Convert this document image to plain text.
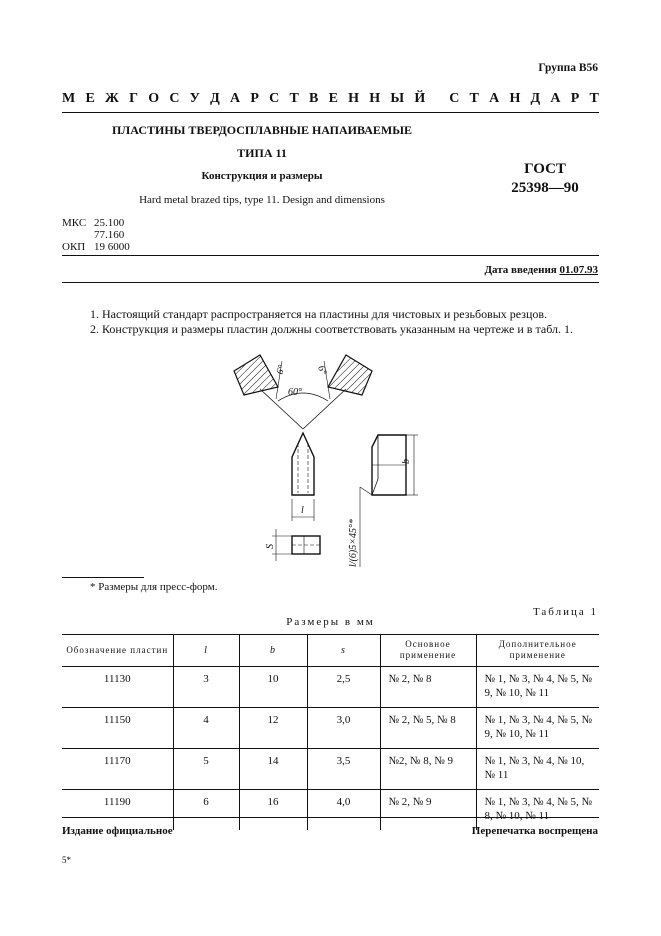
Группа В56
М Е Ж Г О С У Д А Р С Т В Е Н Н Ы Й
С Т А Н Д А Р Т
ПЛАСТИНЫ ТВЕРДОСПЛАВНЫЕ НАПАИВАЕМЫЕ
ТИПА 11
Конструкция и размеры
Hard metal brazed tips, type 11. Design and dimensions
ГОСТ
25398—90
МКС 25.100
77.160
ОКП 19 6000
Дата введения 01.07.93
1. Настоящий стандарт распространяется на пластины для чистовых и резьбовых резцов.
2. Конструкция и размеры пластин должны соответствовать указанным на чертеже и в табл. 1.
60°
6°	6°
l
S
b
l/(6)5×45°*
* Размеры для пресс-форм.
Таблица 1
Размеры в мм
Обозначение пластин	l	b	s	Основное применение	Дополнительное применение
11130	3	10	2,5	№ 2, № 8	№ 1, № 3, № 4, № 5, № 9, № 10, № 11
11150	4	12	3,0	№ 2, № 5, № 8	№ 1, № 3, № 4, № 5, № 9, № 10, № 11
11170	5	14	3,5	№2, № 8, № 9	№ 1, № 3, № 4, № 10, № 11
11190	6	16	4,0	№ 2, № 9	№ 1, № 3, № 4, № 5, № 8, № 10, № 11
Издание официальное	Перепечатка воспрещена
5*
